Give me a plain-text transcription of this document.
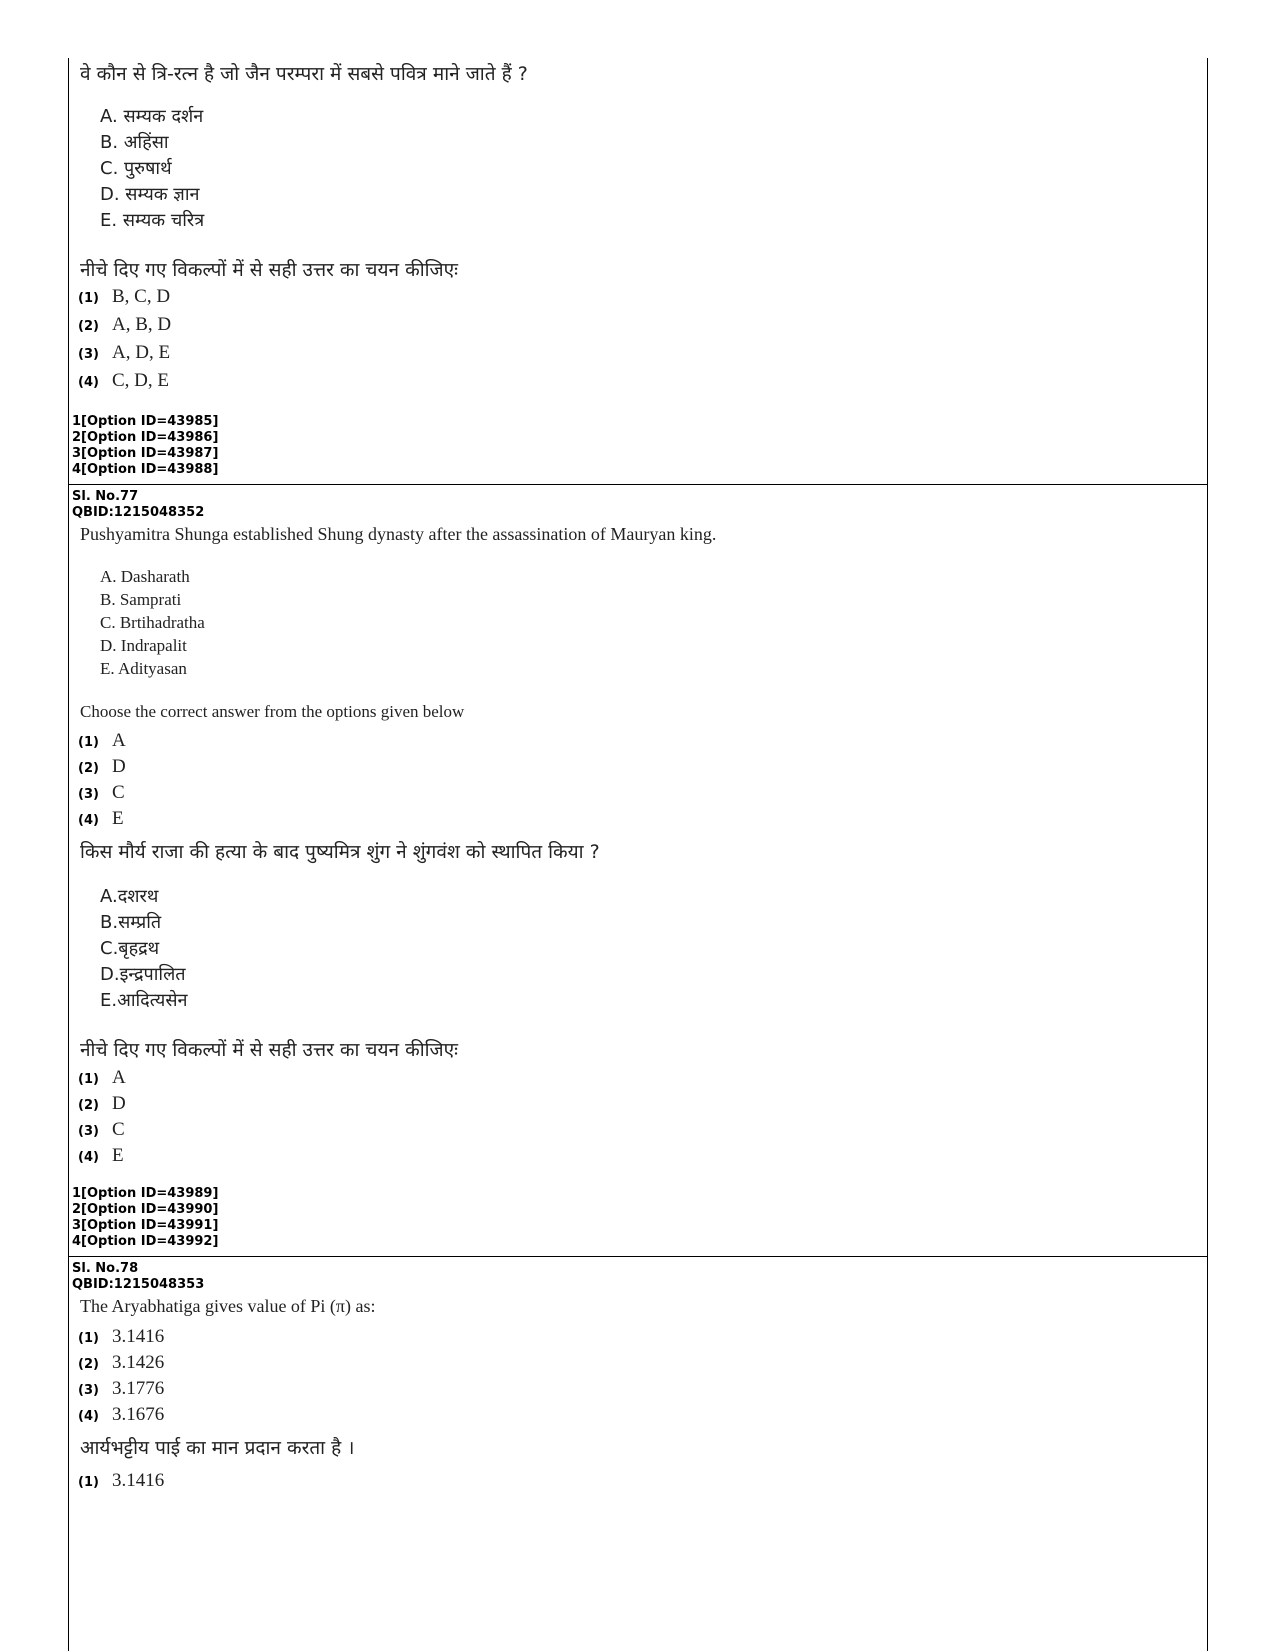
वे कौन से त्रि-रत्न है जो जैन परम्परा में सबसे पवित्र माने जाते हैं ?
A. सम्यक दर्शन
B. अहिंसा
C. पुरुषार्थ
D. सम्यक ज्ञान
E. सम्यक चरित्र
नीचे दिए गए विकल्पों में से सही उत्तर का चयन कीजिएः
(1) B, C, D
(2) A, B, D
(3) A, D, E
(4) C, D, E
1[Option ID=43985]
2[Option ID=43986]
3[Option ID=43987]
4[Option ID=43988]
Sl. No.77
QBID:1215048352
Pushyamitra Shunga established Shung dynasty after the assassination of Mauryan king.
A. Dasharath
B. Samprati
C. Brtihadratha
D. Indrapalit
E. Adityasan
Choose the correct answer from the options given below
(1) A
(2) D
(3) C
(4) E
किस मौर्य राजा की हत्या के बाद पुष्यमित्र शुंग ने शुंगवंश को स्थापित किया ?
A.दशरथ
B.सम्प्रति
C.बृहद्रथ
D.इन्द्रपालित
E.आदित्यसेन
नीचे दिए गए विकल्पों में से सही उत्तर का चयन कीजिएः
(1) A
(2) D
(3) C
(4) E
1[Option ID=43989]
2[Option ID=43990]
3[Option ID=43991]
4[Option ID=43992]
Sl. No.78
QBID:1215048353
The Aryabhatiga gives value of Pi (π) as:
(1) 3.1416
(2) 3.1426
(3) 3.1776
(4) 3.1676
आर्यभट्टीय पाई का मान प्रदान करता है ।
(1) 3.1416
